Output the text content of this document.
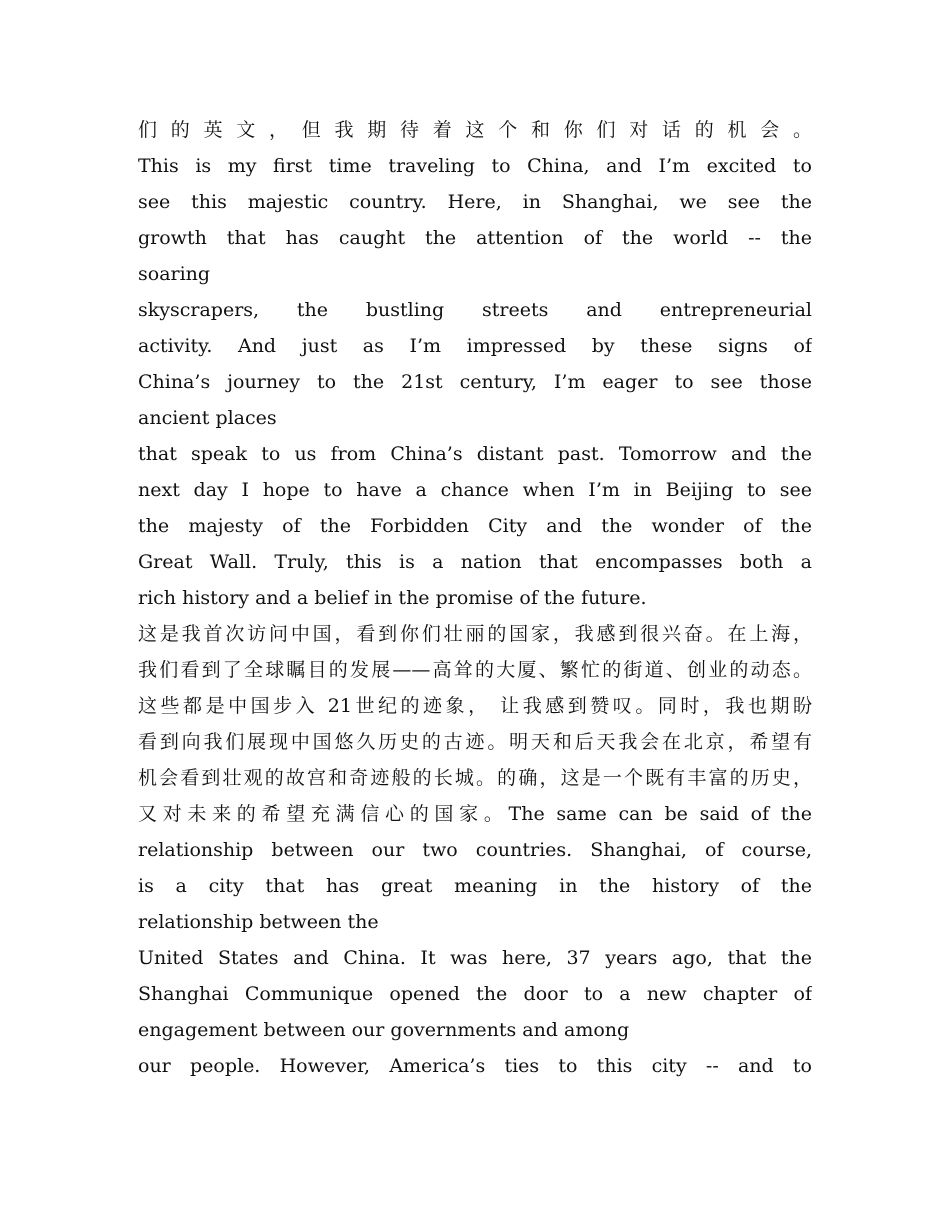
们的英文，但我期待着这个和你们对话的机会。
This is my first time traveling to China, and I’m excited to
see this majestic country. Here, in Shanghai, we see the
growth that has caught the attention of the world -- the
soaring
skyscrapers, the bustling streets and entrepreneurial
activity. And just as I’m impressed by these signs of
China’s journey to the 21st century, I’m eager to see those
ancient places
that speak to us from China’s distant past. Tomorrow and the
next day I hope to have a chance when I’m in Beijing to see
the majesty of the Forbidden City and the wonder of the
Great Wall. Truly, this is a nation that encompasses both a
rich history and a belief in the promise of the future.
这是我首次访问中国，看到你们壮丽的国家，我感到很兴奋。在上海，
我们看到了全球瞩目的发展——高耸的大厦、繁忙的街道、创业的动态。
这些都是中国步入 21世纪的迹象， 让我感到赞叹。同时，我也期盼
看到向我们展现中国悠久历史的古迹。明天和后天我会在北京，希望有
机会看到壮观的故宫和奇迹般的长城。的确，这是一个既有丰富的历史，
又对未来的希望充满信心的国家。The same can be said of the
relationship between our two countries. Shanghai, of course,
is a city that has great meaning in the history of the
relationship between the
United States and China. It was here, 37 years ago, that the
Shanghai Communique opened the door to a new chapter of
engagement between our governments and among
our people. However, America’s ties to this city -- and to
